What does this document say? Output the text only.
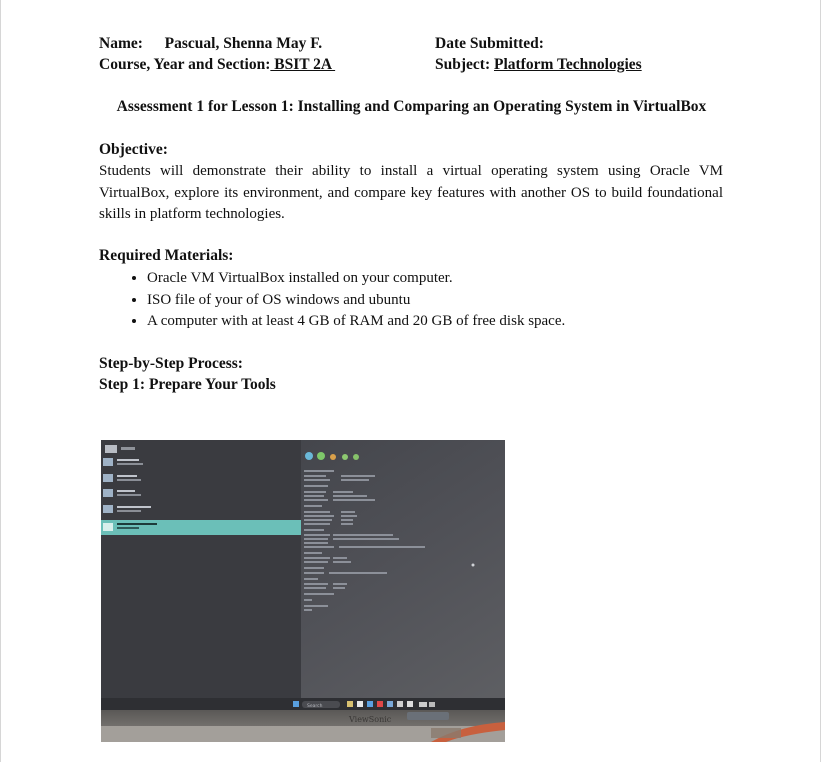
Name: Pascual, Shenna May F.
Course, Year and Section: BSIT 2A
Date Submitted:
Subject: Platform Technologies
Assessment 1 for Lesson 1: Installing and Comparing an Operating System in VirtualBox
Objective:
Students will demonstrate their ability to install a virtual operating system using Oracle VM VirtualBox, explore its environment, and compare key features with another OS to build foundational skills in platform technologies.
Required Materials:
• Oracle VM VirtualBox installed on your computer.
• ISO file of your of OS windows and ubuntu
• A computer with at least 4 GB of RAM and 20 GB of free disk space.
Step-by-Step Process:
Step 1: Prepare Your Tools
Search
ViewSonic
